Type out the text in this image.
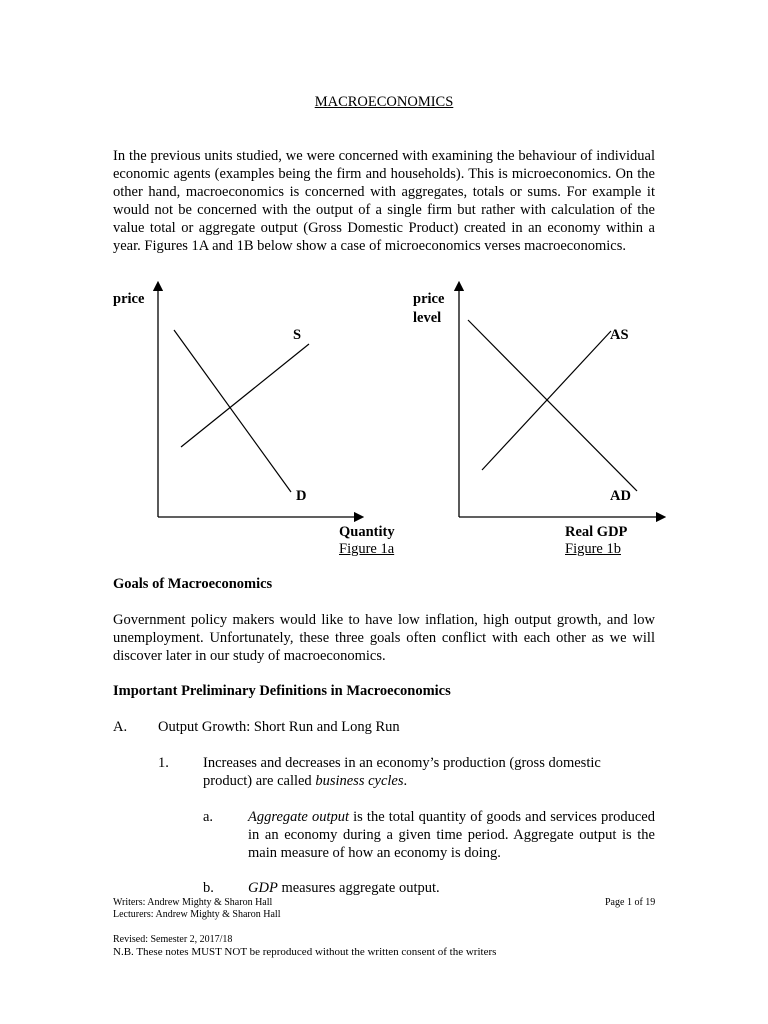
MACROECONOMICS

In the previous units studied, we were concerned with examining the behaviour of individual economic agents (examples being the firm and households). This is microeconomics. On the other hand, macroeconomics is concerned with aggregates, totals or sums. For example it would not be concerned with the output of a single firm but rather with calculation of the value total or aggregate output (Gross Domestic Product) created in an economy within a year. Figures 1A and 1B below show a case of microeconomics verses macroeconomics.

price
S
D
Quantity
Figure 1a
price
level
AS
AD
Real GDP
Figure 1b
Goals of Macroeconomics

Government policy makers would like to have low inflation, high output growth, and low unemployment. Unfortunately, these three goals often conflict with each other as we will discover later in our study of macroeconomics.

Important Preliminary Definitions in Macroeconomics
A. Output Growth: Short Run and Long Run
1. Increases and decreases in an economy’s production (gross domestic product) are called business cycles.
a. Aggregate output is the total quantity of goods and services produced in an economy during a given time period. Aggregate output is the main measure of how an economy is doing.
b. GDP measures aggregate output.
Writers: Andrew Mighty & Sharon Hall
Lecturers: Andrew Mighty & Sharon Hall
Page 1 of 19
Revised: Semester 2, 2017/18
N.B. These notes MUST NOT be reproduced without the written consent of the writers
